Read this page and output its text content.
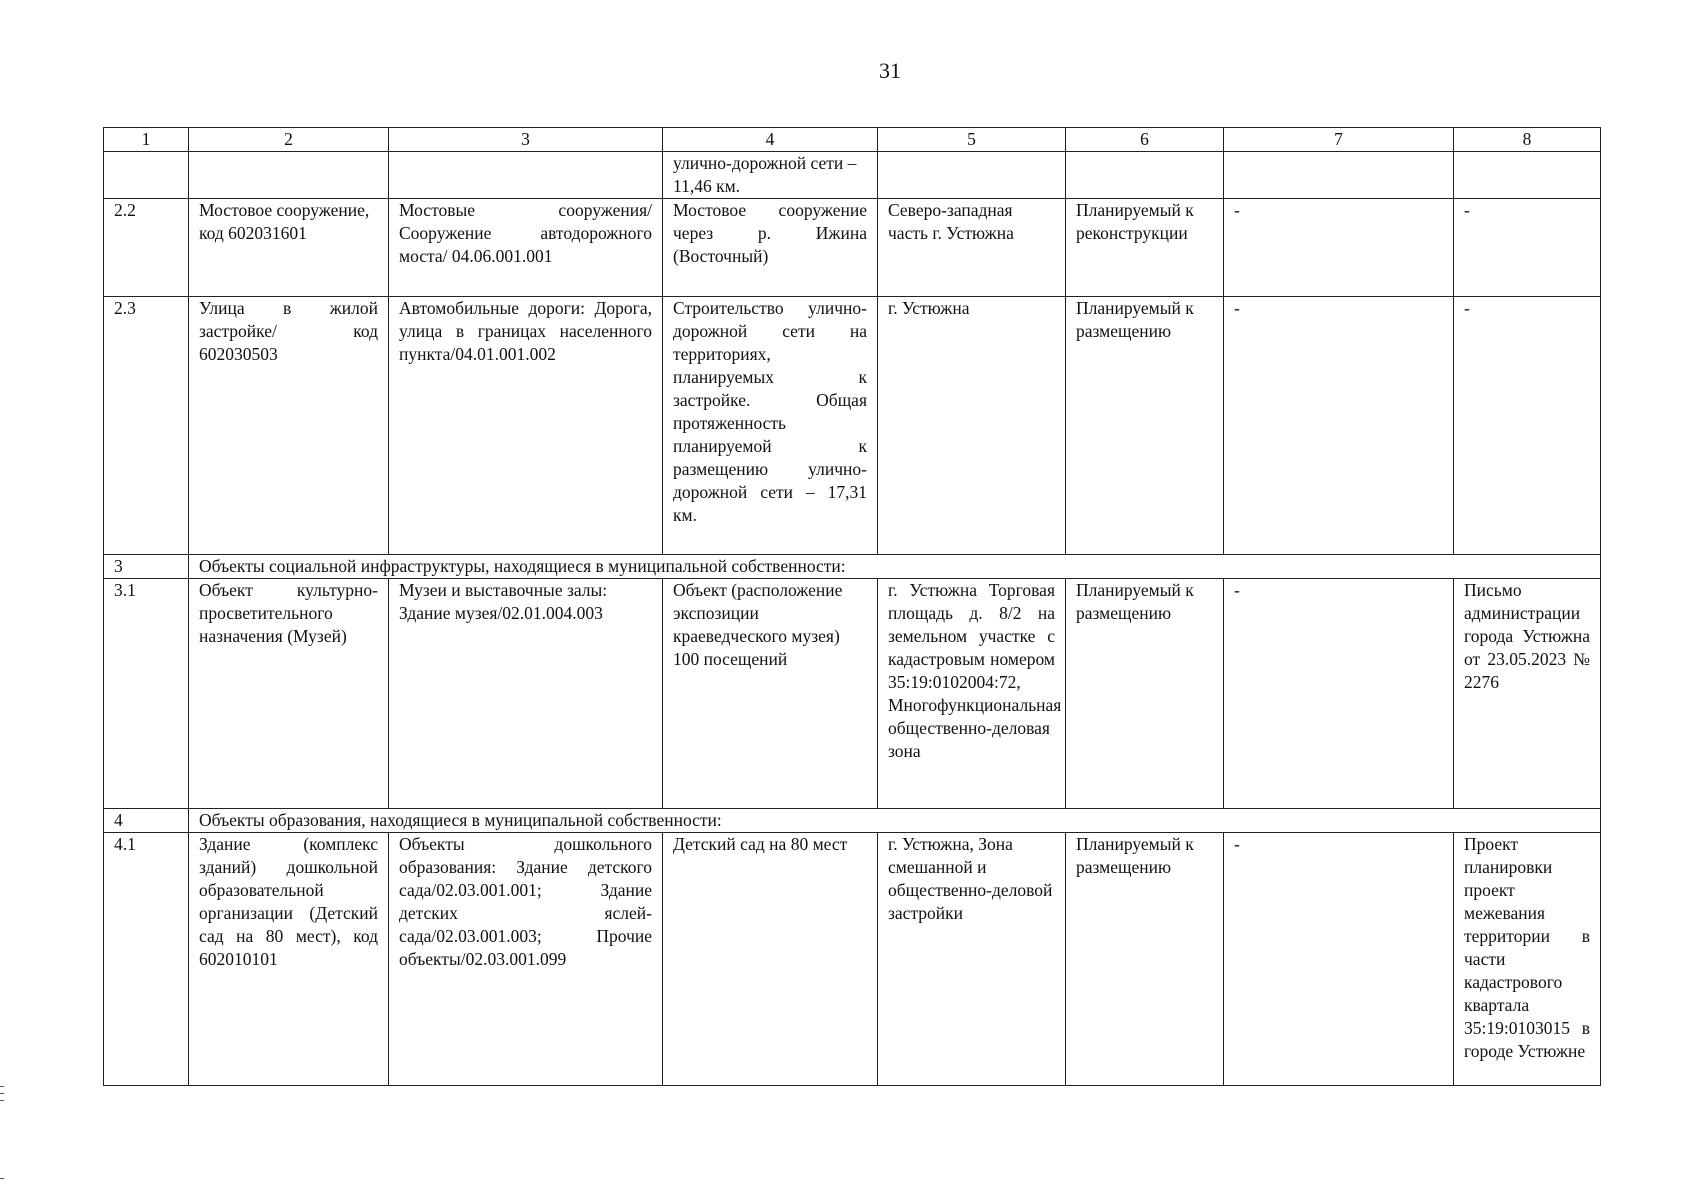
31
1	2	3	4	5	6	7	8
			улично-дорожной сети – 11,46 км.				
2.2	Мостовое сооружение, код 602031601	Мостовые сооружения/ Сооружение автодорожного моста/ 04.06.001.001	Мостовое сооружение через р. Ижина (Восточный)	Северо-западная часть г. Устюжна	Планируемый к реконструкции	-	-
2.3	Улица в жилой застройке/ код 602030503	Автомобильные дороги: Дорога, улица в границах населенного пункта/04.01.001.002	Строительство улично-дорожной сети на территориях, планируемых к застройке. Общая протяженность планируемой к размещению улично-дорожной сети – 17,31 км.	г. Устюжна	Планируемый к размещению	-	-
3	Объекты социальной инфраструктуры, находящиеся в муниципальной собственности:						
3.1	Объект культурно-просветительного назначения (Музей)	Музеи и выставочные залы: Здание музея/02.01.004.003	Объект (расположение экспозиции краеведческого музея) 100 посещений	г. Устюжна Торговая площадь д. 8/2 на земельном участке с кадастровым номером 35:19:0102004:72, Многофункциональная общественно-деловая зона	Планируемый к размещению	-	Письмо администрации города Устюжна от 23.05.2023 № 2276
4	Объекты образования, находящиеся в муниципальной собственности:						
4.1	Здание (комплекс зданий) дошкольной образовательной организации (Детский сад на 80 мест), код 602010101	Объекты дошкольного образования: Здание детского сада/02.03.001.001; Здание детских яслей-сада/02.03.001.003; Прочие объекты/02.03.001.099	Детский сад на 80 мест	г. Устюжна, Зона смешанной и общественно-деловой застройки	Планируемый к размещению	-	Проект планировки проект межевания территории в части кадастрового квартала 35:19:0103015 в городе Устюжне
